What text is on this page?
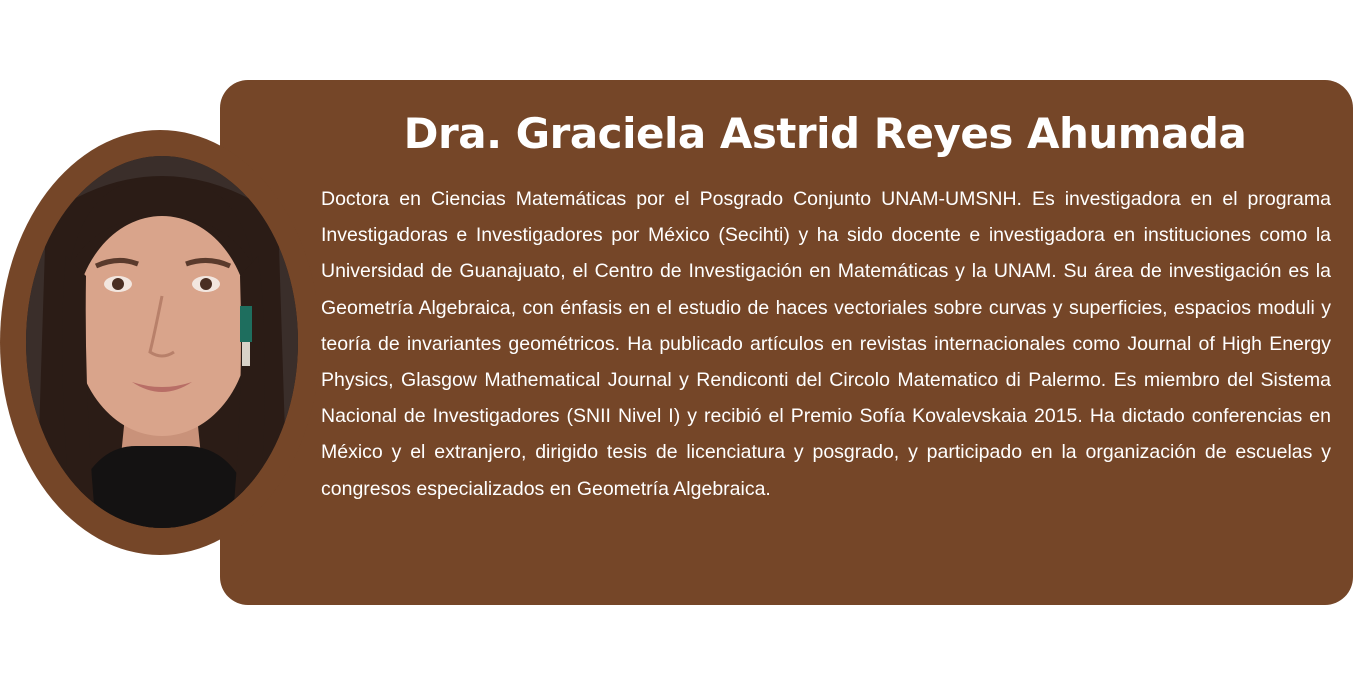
Dra. Graciela Astrid Reyes Ahumada

Doctora en Ciencias Matemáticas por el Posgrado Conjunto UNAM-UMSNH. Es investigadora en el programa Investigadoras e Investigadores por México (Secihti) y ha sido docente e investigadora en instituciones como la Universidad de Guanajuato, el Centro de Investigación en Matemáticas y la UNAM. Su área de investigación es la Geometría Algebraica, con énfasis en el estudio de haces vectoriales sobre curvas y superficies, espacios moduli y teoría de invariantes geométricos. Ha publicado artículos en revistas internacionales como Journal of High Energy Physics, Glasgow Mathematical Journal y Rendiconti del Circolo Matematico di Palermo. Es miembro del Sistema Nacional de Investigadores (SNII Nivel I) y recibió el Premio Sofía Kovalevskaia 2015. Ha dictado conferencias en México y el extranjero, dirigido tesis de licenciatura y posgrado, y participado en la organización de escuelas y congresos especializados en Geometría Algebraica.
